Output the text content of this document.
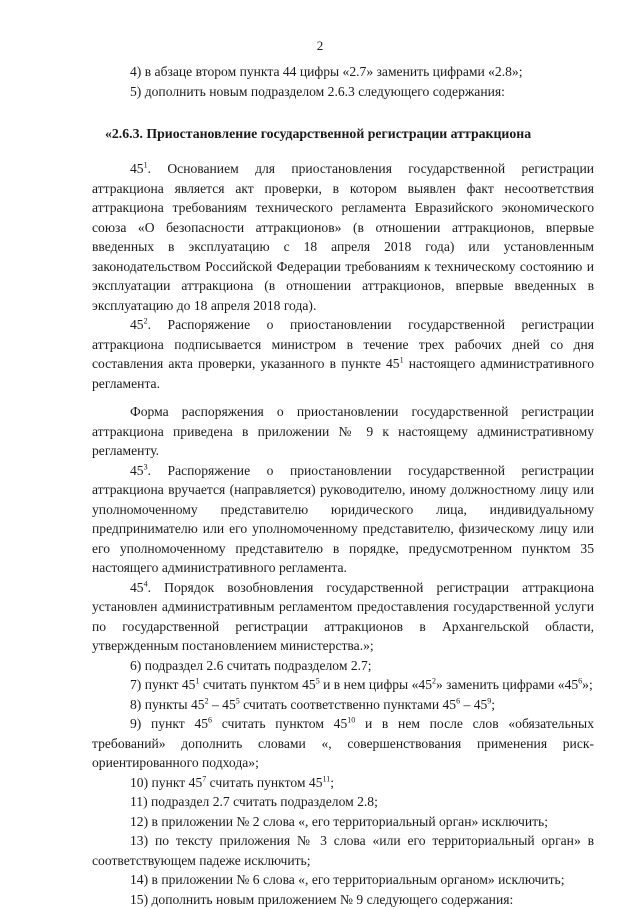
2

4) в абзаце втором пункта 44 цифры «2.7» заменить цифрами «2.8»;

5) дополнить новым подразделом 2.6.3 следующего содержания:

«2.6.3. Приостановление государственной регистрации аттракциона

$45^1$. Основанием для приостановления государственной регистрации аттракциона является акт проверки, в котором выявлен факт несоответствия аттракциона требованиям технического регламента Евразийского экономического союза «О безопасности аттракционов» (в отношении аттракционов, впервые введенных в эксплуатацию с 18 апреля 2018 года) или установленным законодательством Российской Федерации требованиям к техническому состоянию и эксплуатации аттракциона (в отношении аттракционов, впервые введенных в эксплуатацию до 18 апреля 2018 года).

$45^2$. Распоряжение о приостановлении государственной регистрации аттракциона подписывается министром в течение трех рабочих дней со дня составления акта проверки, указанного в пункте $45^1$ настоящего административного регламента.

Форма распоряжения о приостановлении государственной регистрации аттракциона приведена в приложении № 9 к настоящему административному регламенту.

$45^3$. Распоряжение о приостановлении государственной регистрации аттракциона вручается (направляется) руководителю, иному должностному лицу или уполномоченному представителю юридического лица, индивидуальному предпринимателю или его уполномоченному представителю, физическому лицу или его уполномоченному представителю в порядке, предусмотренном пунктом 35 настоящего административного регламента.

$45^4$. Порядок возобновления государственной регистрации аттракциона установлен административным регламентом предоставления государственной услуги по государственной регистрации аттракционов в Архангельской области, утвержденным постановлением министерства.»;

6) подраздел 2.6 считать подразделом 2.7;

7) пункт $45^1$ считать пунктом $45^5$ и в нем цифры «$45^2$» заменить цифрами «$45^6$»;

8) пункты $45^2 - 45^5$ считать соответственно пунктами $45^6 - 45^9$;

9) пункт $45^6$ считать пунктом $45^{10}$ и в нем после слов «обязательных требований» дополнить словами «, совершенствования применения риск-ориентированного подхода»;

10) пункт $45^7$ считать пунктом $45^{11}$;

11) подраздел 2.7 считать подразделом 2.8;

12) в приложении № 2 слова «, его территориальный орган» исключить;

13) по тексту приложения № 3 слова «или его территориальный орган» в соответствующем падеже исключить;

14) в приложении № 6 слова «, его территориальным органом» исключить;

15) дополнить новым приложением № 9 следующего содержания:
